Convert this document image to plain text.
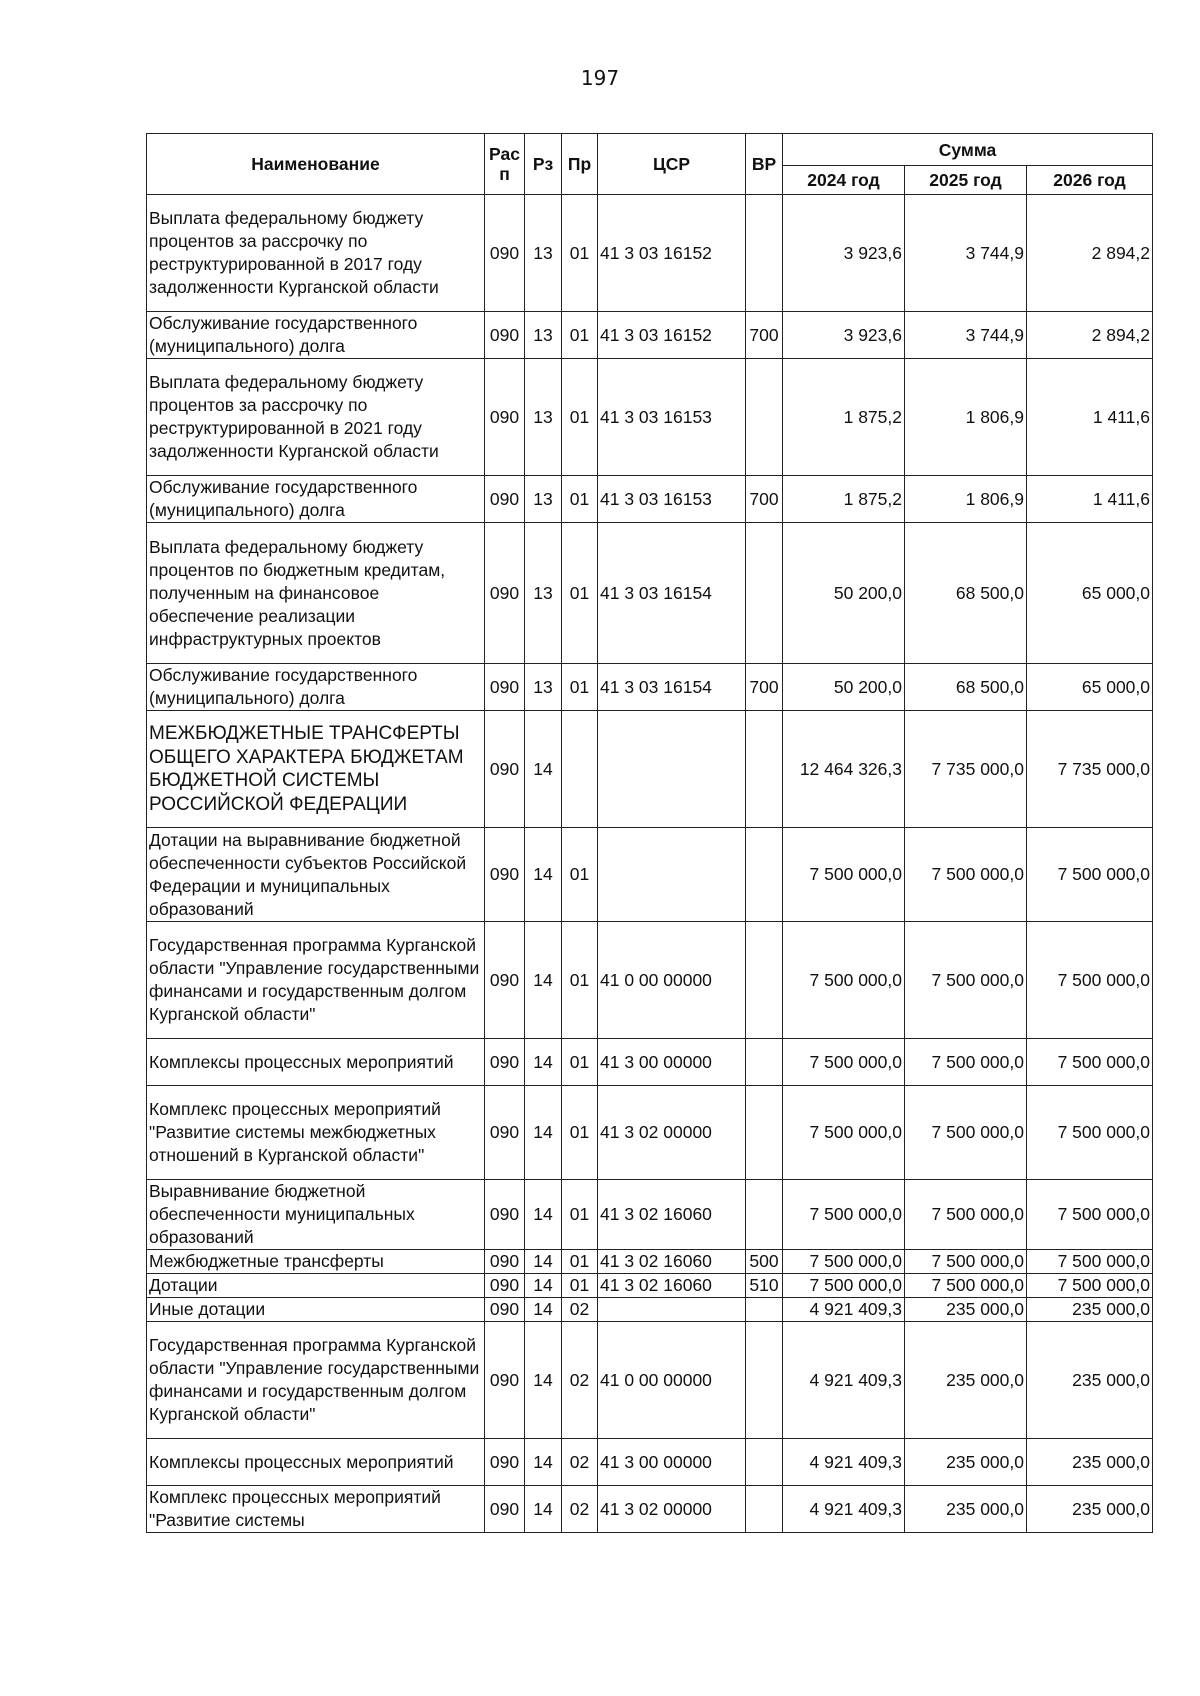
197
Наименование	Рас п	Рз	Пр	ЦСР	ВР	Сумма		
						2024 год	2025 год	2026 год
Выплата федеральному бюджету процентов за рассрочку по реструктурированной в 2017 году задолженности Курганской области	090	13	01	41 3 03 16152		3 923,6	3 744,9	2 894,2
Обслуживание государственного (муниципального) долга	090	13	01	41 3 03 16152	700	3 923,6	3 744,9	2 894,2
Выплата федеральному бюджету процентов за рассрочку по реструктурированной в 2021 году задолженности Курганской области	090	13	01	41 3 03 16153		1 875,2	1 806,9	1 411,6
Обслуживание государственного (муниципального) долга	090	13	01	41 3 03 16153	700	1 875,2	1 806,9	1 411,6
Выплата федеральному бюджету процентов по бюджетным кредитам, полученным на финансовое обеспечение реализации инфраструктурных проектов	090	13	01	41 3 03 16154		50 200,0	68 500,0	65 000,0
Обслуживание государственного (муниципального) долга	090	13	01	41 3 03 16154	700	50 200,0	68 500,0	65 000,0
МЕЖБЮДЖЕТНЫЕ ТРАНСФЕРТЫ ОБЩЕГО ХАРАКТЕРА БЮДЖЕТАМ БЮДЖЕТНОЙ СИСТЕМЫ РОССИЙСКОЙ ФЕДЕРАЦИИ	090	14				12 464 326,3	7 735 000,0	7 735 000,0
Дотации на выравнивание бюджетной обеспеченности субъектов Российской Федерации и муниципальных образований	090	14	01			7 500 000,0	7 500 000,0	7 500 000,0
Государственная программа Курганской области "Управление государственными финансами и государственным долгом Курганской области"	090	14	01	41 0 00 00000		7 500 000,0	7 500 000,0	7 500 000,0
Комплексы процессных мероприятий	090	14	01	41 3 00 00000		7 500 000,0	7 500 000,0	7 500 000,0
Комплекс процессных мероприятий "Развитие системы межбюджетных отношений в Курганской области"	090	14	01	41 3 02 00000		7 500 000,0	7 500 000,0	7 500 000,0
Выравнивание бюджетной обеспеченности муниципальных образований	090	14	01	41 3 02 16060		7 500 000,0	7 500 000,0	7 500 000,0
Межбюджетные трансферты	090	14	01	41 3 02 16060	500	7 500 000,0	7 500 000,0	7 500 000,0
Дотации	090	14	01	41 3 02 16060	510	7 500 000,0	7 500 000,0	7 500 000,0
Иные дотации	090	14	02			4 921 409,3	235 000,0	235 000,0
Государственная программа Курганской области "Управление государственными финансами и государственным долгом Курганской области"	090	14	02	41 0 00 00000		4 921 409,3	235 000,0	235 000,0
Комплексы процессных мероприятий	090	14	02	41 3 00 00000		4 921 409,3	235 000,0	235 000,0
Комплекс процессных мероприятий "Развитие системы	090	14	02	41 3 02 00000		4 921 409,3	235 000,0	235 000,0
